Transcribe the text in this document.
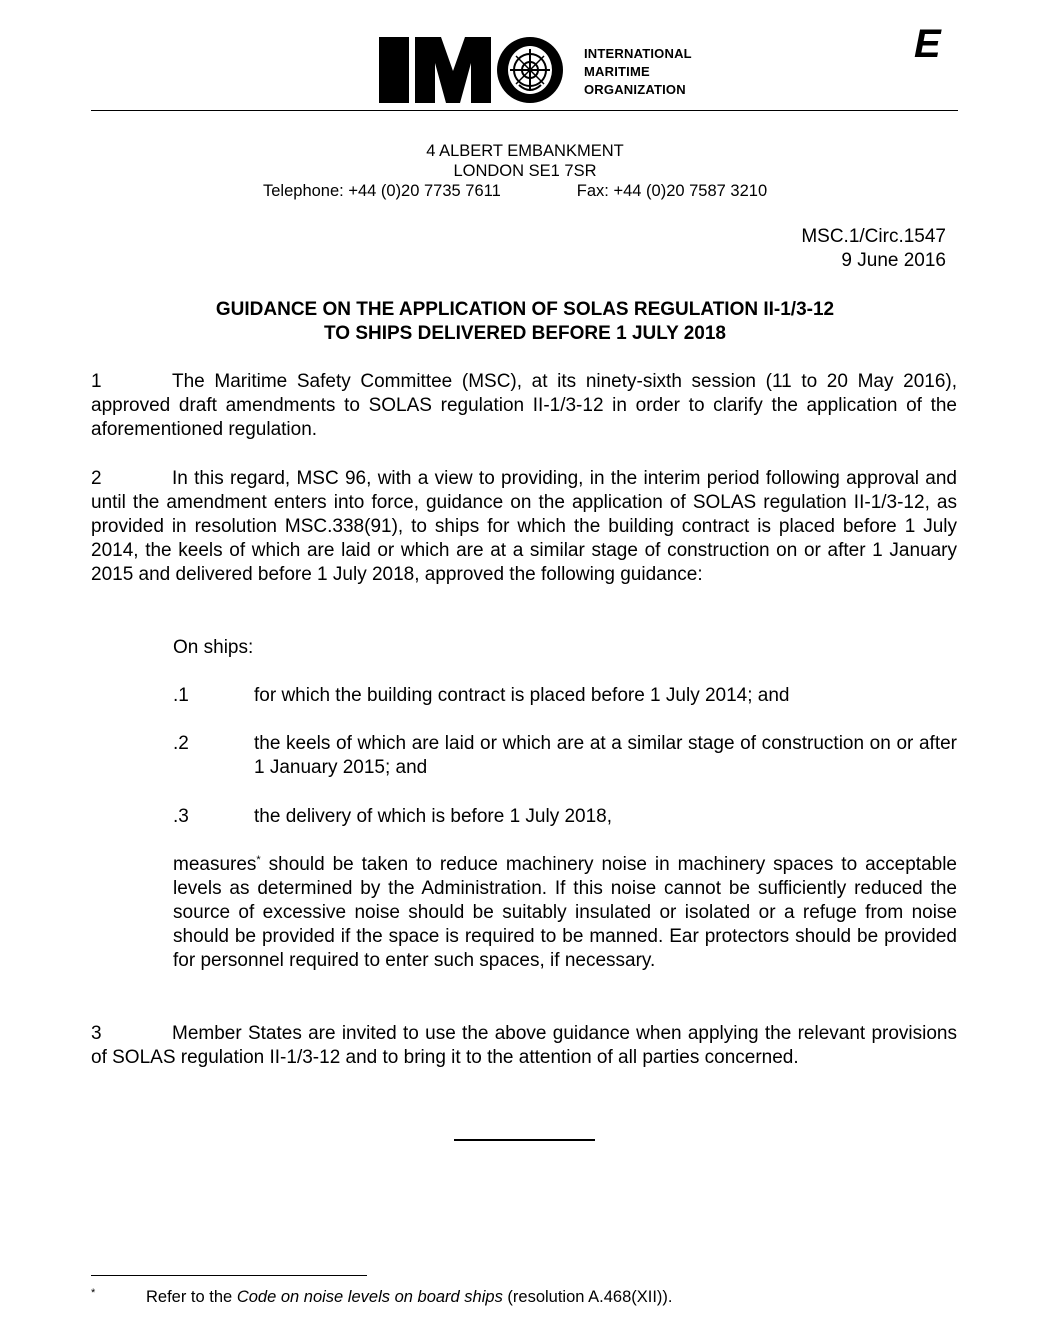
INTERNATIONAL
MARITIME
ORGANIZATION
E
4 ALBERT EMBANKMENT
LONDON SE1 7SR
Telephone: +44 (0)20 7735 7611	Fax: +44 (0)20 7587 3210
MSC.1/Circ.1547
9 June 2016
GUIDANCE ON THE APPLICATION OF SOLAS REGULATION II-1/3-12
TO SHIPS DELIVERED BEFORE 1 JULY 2018
1	The Maritime Safety Committee (MSC), at its ninety-sixth session (11 to 20 May 2016), approved draft amendments to SOLAS regulation II-1/3-12 in order to clarify the application of the aforementioned regulation.
2	In this regard, MSC 96, with a view to providing, in the interim period following approval and until the amendment enters into force, guidance on the application of SOLAS regulation II-1/3-12, as provided in resolution MSC.338(91), to ships for which the building contract is placed before 1 July 2014, the keels of which are laid or which are at a similar stage of construction on or after 1 January 2015 and delivered before 1 July 2018, approved the following guidance:
On ships:
.1	for which the building contract is placed before 1 July 2014; and
.2	the keels of which are laid or which are at a similar stage of construction on or after 1 January 2015; and
.3	the delivery of which is before 1 July 2018,
measures* should be taken to reduce machinery noise in machinery spaces to acceptable levels as determined by the Administration. If this noise cannot be sufficiently reduced the source of excessive noise should be suitably insulated or isolated or a refuge from noise should be provided if the space is required to be manned. Ear protectors should be provided for personnel required to enter such spaces, if necessary.
3	Member States are invited to use the above guidance when applying the relevant provisions of SOLAS regulation II-1/3-12 and to bring it to the attention of all parties concerned.
*	Refer to the Code on noise levels on board ships (resolution A.468(XII)).
